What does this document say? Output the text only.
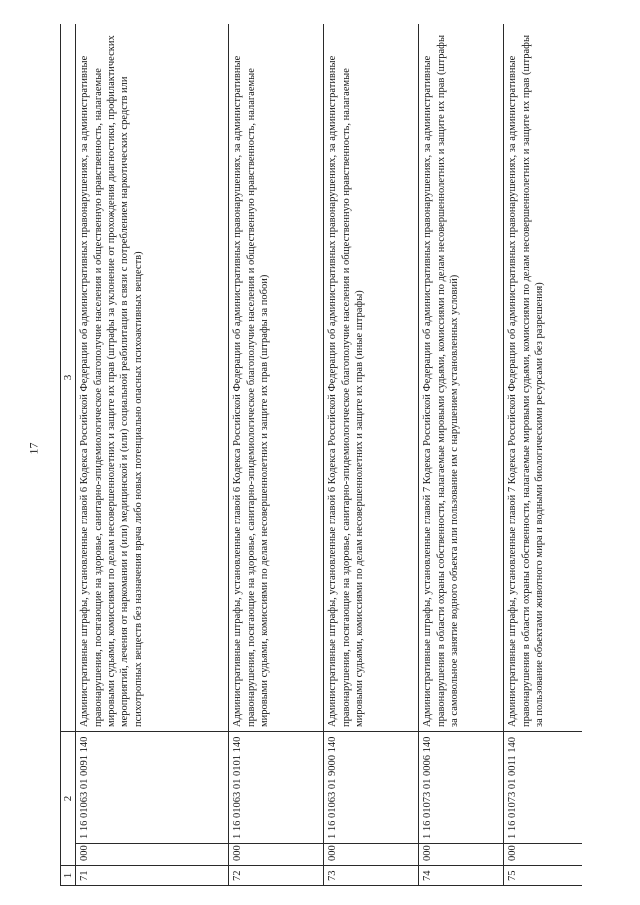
17
1	2		3
71	000	1 16 01063 01 0091 140	Административные штрафы, установленные главой 6 Кодекса Российской Федерации об административных правонарушениях, за административные правонарушения, посягающие на здоровье, санитарно-эпидемиологическое благополучие населения и общественную нравственность, налагаемые мировыми судьями, комиссиями по делам несовершеннолетних и защите их прав (штрафы за уклонение от прохождения диагностики, профилактических мероприятий, лечения от наркомании и (или) медицинской и (или) социальной реабилитации в связи с потреблением наркотических средств или психотропных веществ без назначения врача либо новых потенциально опасных психоактивных веществ)
72	000	1 16 01063 01 0101 140	Административные штрафы, установленные главой 6 Кодекса Российской Федерации об административных правонарушениях, за административные правонарушения, посягающие на здоровье, санитарно-эпидемиологическое благополучие населения и общественную нравственность, налагаемые мировыми судьями, комиссиями по делам несовершеннолетних и защите их прав (штрафы за побои)
73	000	1 16 01063 01 9000 140	Административные штрафы, установленные главой 6 Кодекса Российской Федерации об административных правонарушениях, за административные правонарушения, посягающие на здоровье, санитарно-эпидемиологическое благополучие населения и общественную нравственность, налагаемые мировыми судьями, комиссиями по делам несовершеннолетних и защите их прав (иные штрафы)
74	000	1 16 01073 01 0006 140	Административные штрафы, установленные главой 7 Кодекса Российской Федерации об административных правонарушениях, за административные правонарушения в области охраны собственности, налагаемые мировыми судьями, комиссиями по делам несовершеннолетних и защите их прав (штрафы за самовольное занятие водного объекта или пользование им с нарушением установленных условий)
75	000	1 16 01073 01 0011 140	Административные штрафы, установленные главой 7 Кодекса Российской Федерации об административных правонарушениях, за административные правонарушения в области охраны собственности, налагаемые мировыми судьями, комиссиями по делам несовершеннолетних и защите их прав (штрафы за пользование объектами животного мира и водными биологическими ресурсами без разрешения)
